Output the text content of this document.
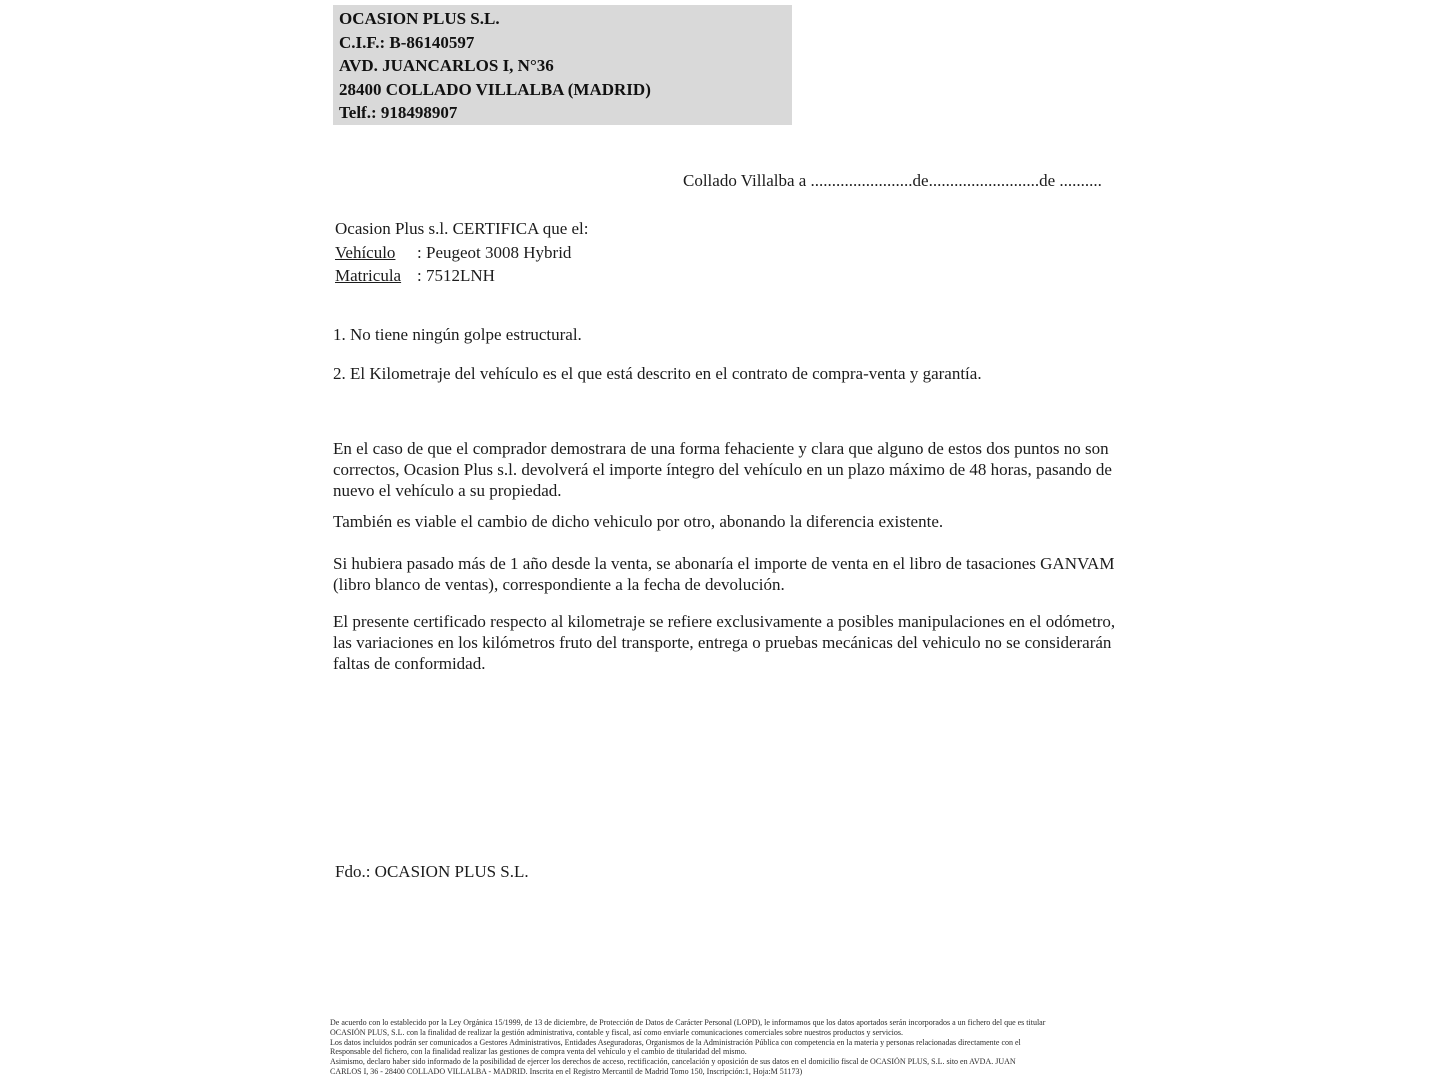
OCASION PLUS S.L.
C.I.F.: B-86140597
AVD. JUANCARLOS I, N°36
28400 COLLADO VILLALBA (MADRID)
Telf.: 918498907
Collado Villalba a ........................de..........................de ..........
Ocasion Plus s.l. CERTIFICA que el:
Vehículo : Peugeot 3008 Hybrid
Matricula : 7512LNH
1. No tiene ningún golpe estructural.
2. El Kilometraje del vehículo es el que está descrito en el contrato de compra-venta y garantía.
En el caso de que el comprador demostrara de una forma fehaciente y clara que alguno de estos dos puntos no son correctos, Ocasion Plus s.l. devolverá el importe íntegro del vehículo en un plazo máximo de 48 horas, pasando de nuevo el vehículo a su propiedad.
También es viable el cambio de dicho vehiculo por otro, abonando la diferencia existente.
Si hubiera pasado más de 1 año desde la venta, se abonaría el importe de venta en el libro de tasaciones GANVAM (libro blanco de ventas), correspondiente a la fecha de devolución.
El presente certificado respecto al kilometraje se refiere exclusivamente a posibles manipulaciones en el odómetro, las variaciones en los kilómetros fruto del transporte, entrega o pruebas mecánicas del vehiculo no se considerarán faltas de conformidad.
Fdo.: OCASION PLUS S.L.
De acuerdo con lo establecido por la Ley Orgánica 15/1999, de 13 de diciembre, de Protección de Datos de Carácter Personal (LOPD), le informamos que los datos aportados serán incorporados a un fichero del que es titular
OCASIÓN PLUS, S.L. con la finalidad de realizar la gestión administrativa, contable y fiscal, así como enviarle comunicaciones comerciales sobre nuestros productos y servicios.
Los datos incluidos podrán ser comunicados a Gestores Administrativos, Entidades Aseguradoras, Organismos de la Administración Pública con competencia en la materia y personas relacionadas directamente con el
Responsable del fichero, con la finalidad realizar las gestiones de compra venta del vehículo y el cambio de titularidad del mismo.
Asimismo, declaro haber sido informado de la posibilidad de ejercer los derechos de acceso, rectificación, cancelación y oposición de sus datos en el domicilio fiscal de OCASIÓN PLUS, S.L. sito en AVDA. JUAN
CARLOS I, 36 - 28400 COLLADO VILLALBA - MADRID. Inscrita en el Registro Mercantil de Madrid Tomo 150, Inscripción:1, Hoja:M 51173)
